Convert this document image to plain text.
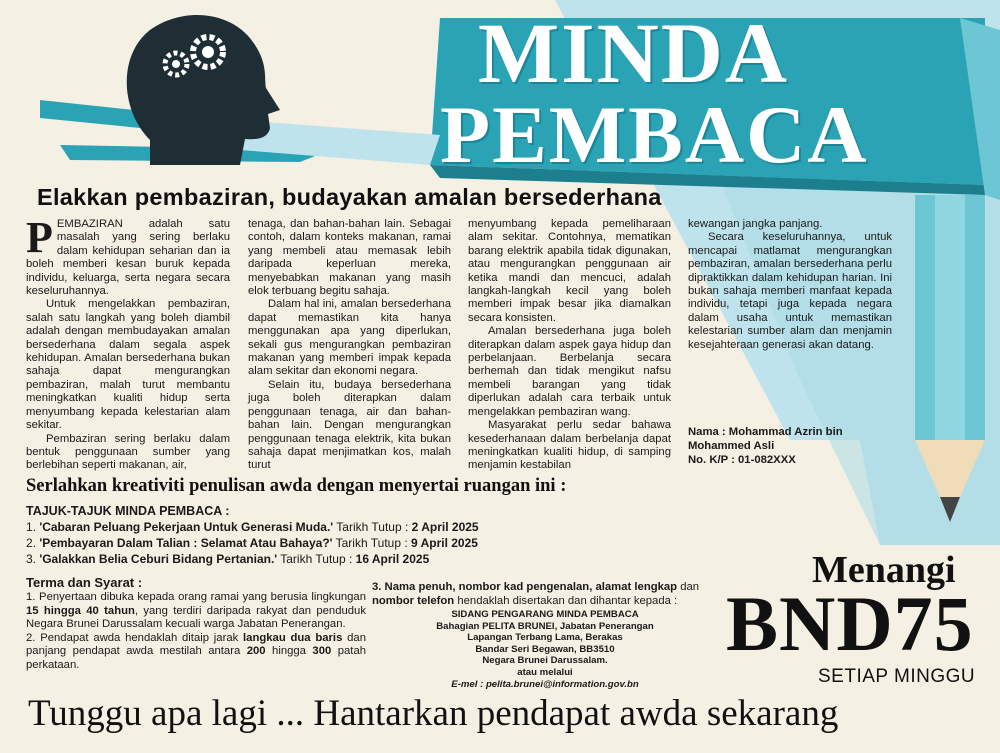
MINDA
PEMBACA
Elakkan pembaziran, budayakan amalan bersederhana
P EMBAZIRAN adalah satu masalah yang sering berlaku dalam kehidupan seharian dan ia boleh memberi kesan buruk kepada individu, keluarga, serta negara secara keseluruhannya.

Untuk mengelakkan pembaziran, salah satu langkah yang boleh diambil adalah dengan membudayakan amalan bersederhana dalam segala aspek kehidupan. Amalan bersederhana bukan sahaja dapat mengurangkan pembaziran, malah turut membantu meningkatkan kualiti hidup serta menyumbang kepada kelestarian alam sekitar.

Pembaziran sering berlaku dalam bentuk penggunaan sumber yang berlebihan seperti makanan, air,

tenaga, dan bahan-bahan lain. Sebagai contoh, dalam konteks makanan, ramai yang membeli atau memasak lebih daripada keperluan mereka, menyebabkan makanan yang masih elok terbuang begitu sahaja.

Dalam hal ini, amalan bersederhana dapat memastikan kita hanya menggunakan apa yang diperlukan, sekali gus mengurangkan pembaziran makanan yang memberi impak kepada alam sekitar dan ekonomi negara.

Selain itu, budaya bersederhana juga boleh diterapkan dalam penggunaan tenaga, air dan bahan-bahan lain. Dengan mengurangkan penggunaan tenaga elektrik, kita bukan sahaja dapat menjimatkan kos, malah turut

menyumbang kepada pemeliharaan alam sekitar. Contohnya, mematikan barang elektrik apabila tidak digunakan, atau mengurangkan penggunaan air ketika mandi dan mencuci, adalah langkah-langkah kecil yang boleh memberi impak besar jika diamalkan secara konsisten.

Amalan bersederhana juga boleh diterapkan dalam aspek gaya hidup dan perbelanjaan. Berbelanja secara berhemah dan tidak mengikut nafsu membeli barangan yang tidak diperlukan adalah cara terbaik untuk mengelakkan pembaziran wang.

Masyarakat perlu sedar bahawa kesederhanaan dalam berbelanja dapat meningkatkan kualiti hidup, di samping menjamin kestabilan

kewangan jangka panjang.

Secara keseluruhannya, untuk mencapai matlamat mengurangkan pembaziran, amalan bersederhana perlu dipraktikkan dalam kehidupan harian. Ini bukan sahaja memberi manfaat kepada individu, tetapi juga kepada negara dalam usaha untuk memastikan kelestarian sumber alam dan menjamin kesejahteraan generasi akan datang.

Nama : Mohammad Azrin bin
Mohammed Asli
No. K/P : 01-082XXX
Serlahkan kreativiti penulisan awda dengan menyertai ruangan ini :
TAJUK-TAJUK MINDA PEMBACA :
1. 'Cabaran Peluang Pekerjaan Untuk Generasi Muda.' Tarikh Tutup : 2 April 2025
2. 'Pembayaran Dalam Talian : Selamat Atau Bahaya?' Tarikh Tutup : 9 April 2025
3. 'Galakkan Belia Ceburi Bidang Pertanian.' Tarikh Tutup : 16 April 2025
Terma dan Syarat :
1. Penyertaan dibuka kepada orang ramai yang berusia lingkungan 15 hingga 40 tahun, yang terdiri daripada rakyat dan penduduk Negara Brunei Darussalam kecuali warga Jabatan Penerangan.
2. Pendapat awda hendaklah ditaip jarak langkau dua baris dan panjang pendapat awda mestilah antara 200 hingga 300 patah perkataan.
3. Nama penuh, nombor kad pengenalan, alamat lengkap dan nombor telefon hendaklah disertakan dan dihantar kepada :
SIDANG PENGARANG MINDA PEMBACA
Bahagian PELITA BRUNEI, Jabatan Penerangan
Lapangan Terbang Lama, Berakas
Bandar Seri Begawan, BB3510
Negara Brunei Darussalam.
atau melalui
E-mel : pelita.brunei@information.gov.bn
Menangi
BND75
SETIAP MINGGU
Tunggu apa lagi ... Hantarkan pendapat awda sekarang
